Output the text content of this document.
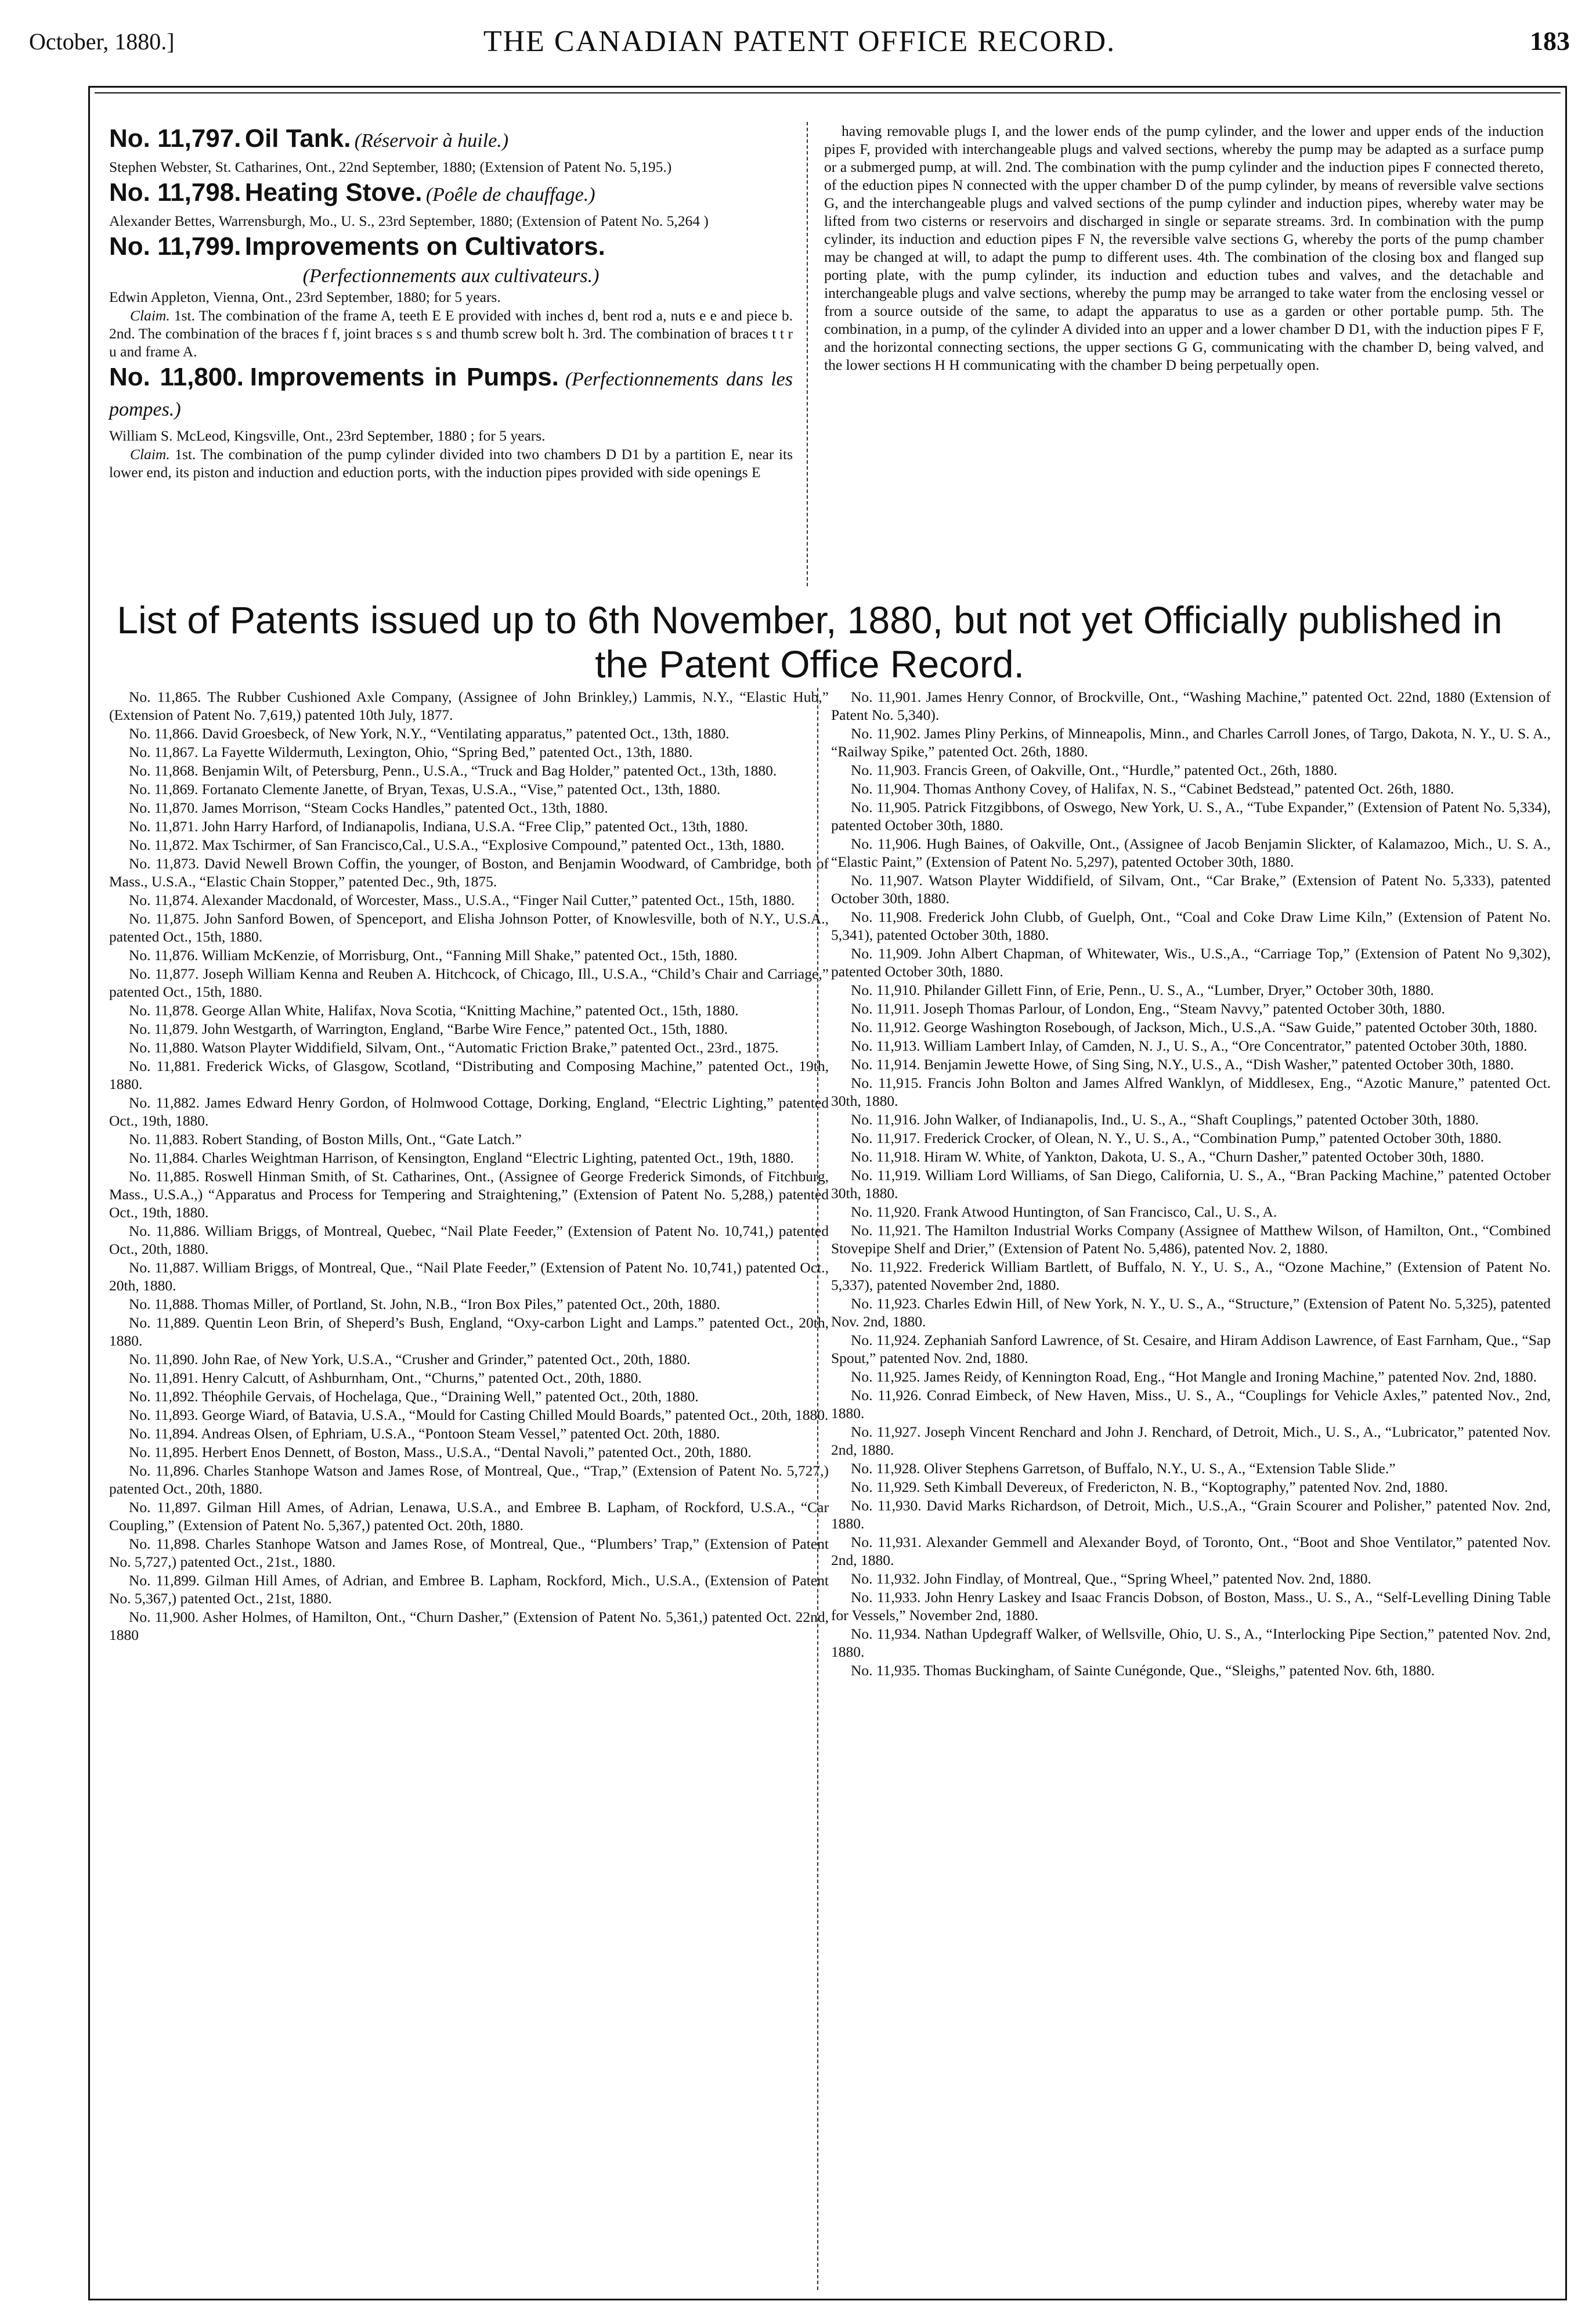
October, 1880.]	THE CANADIAN PATENT OFFICE RECORD.	183
No. 11,797. Oil Tank. (Réservoir à huile.)

Stephen Webster, St. Catharines, Ont., 22nd September, 1880; (Extension of Patent No. 5,195.)

No. 11,798. Heating Stove. (Poêle de chauffage.)

Alexander Bettes, Warrensburgh, Mo., U. S., 23rd September, 1880; (Extension of Patent No. 5,264 )

No. 11,799. Improvements on Cultivators.
(Perfectionnements aux cultivateurs.)

Edwin Appleton, Vienna, Ont., 23rd September, 1880; for 5 years.

Claim. 1st. The combination of the frame A, teeth E E provided with inches d, bent rod a, nuts e e and piece b. 2nd. The combination of the braces f f, joint braces s s and thumb screw bolt h. 3rd. The combination of braces t t r u and frame A.

No. 11,800. Improvements in Pumps. (Perfectionnements dans les pompes.)

William S. McLeod, Kingsville, Ont., 23rd September, 1880 ; for 5 years.

Claim. 1st. The combination of the pump cylinder divided into two chambers D D1 by a partition E, near its lower end, its piston and induction and eduction ports, with the induction pipes provided with side openings E

having removable plugs I, and the lower ends of the pump cylinder, and the lower and upper ends of the induction pipes F, provided with interchangeable plugs and valved sections, whereby the pump may be adapted as a surface pump or a submerged pump, at will. 2nd. The combination with the pump cylinder and the induction pipes F connected thereto, of the eduction pipes N connected with the upper chamber D of the pump cylinder, by means of reversible valve sections G, and the interchangeable plugs and valved sections of the pump cylinder and induction pipes, whereby water may be lifted from two cisterns or reservoirs and discharged in single or separate streams. 3rd. In combination with the pump cylinder, its induction and eduction pipes F N, the reversible valve sections G, whereby the ports of the pump chamber may be changed at will, to adapt the pump to different uses. 4th. The combination of the closing box and flanged sup porting plate, with the pump cylinder, its induction and eduction tubes and valves, and the detachable and interchangeable plugs and valve sections, whereby the pump may be arranged to take water from the enclosing vessel or from a source outside of the same, to adapt the apparatus to use as a garden or other portable pump. 5th. The combination, in a pump, of the cylinder A divided into an upper and a lower chamber D D1, with the induction pipes F F, and the horizontal connecting sections, the upper sections G G, communicating with the chamber D, being valved, and the lower sections H H communicating with the chamber D being perpetually open.
List of Patents issued up to 6th November, 1880, but not yet Officially published in the Patent Office Record.

No. 11,865. The Rubber Cushioned Axle Company, (Assignee of John Brinkley,) Lammis, N.Y., “Elastic Hub,” (Extension of Patent No. 7,619,) patented 10th July, 1877.

No. 11,866. David Groesbeck, of New York, N.Y., “Ventilating apparatus,” patented Oct., 13th, 1880.

No. 11,867. La Fayette Wildermuth, Lexington, Ohio, “Spring Bed,” patented Oct., 13th, 1880.

No. 11,868. Benjamin Wilt, of Petersburg, Penn., U.S.A., “Truck and Bag Holder,” patented Oct., 13th, 1880.

No. 11,869. Fortanato Clemente Janette, of Bryan, Texas, U.S.A., “Vise,” patented Oct., 13th, 1880.

No. 11,870. James Morrison, “Steam Cocks Handles,” patented Oct., 13th, 1880.

No. 11,871. John Harry Harford, of Indianapolis, Indiana, U.S.A. “Free Clip,” patented Oct., 13th, 1880.

No. 11,872. Max Tschirmer, of San Francisco,Cal., U.S.A., “Explosive Compound,” patented Oct., 13th, 1880.

No. 11,873. David Newell Brown Coffin, the younger, of Boston, and Benjamin Woodward, of Cambridge, both of Mass., U.S.A., “Elastic Chain Stopper,” patented Dec., 9th, 1875.

No. 11,874. Alexander Macdonald, of Worcester, Mass., U.S.A., “Finger Nail Cutter,” patented Oct., 15th, 1880.

No. 11,875. John Sanford Bowen, of Spenceport, and Elisha Johnson Potter, of Knowlesville, both of N.Y., U.S.A., patented Oct., 15th, 1880.

No. 11,876. William McKenzie, of Morrisburg, Ont., “Fanning Mill Shake,” patented Oct., 15th, 1880.

No. 11,877. Joseph William Kenna and Reuben A. Hitchcock, of Chicago, Ill., U.S.A., “Child’s Chair and Carriage,” patented Oct., 15th, 1880.

No. 11,878. George Allan White, Halifax, Nova Scotia, “Knitting Machine,” patented Oct., 15th, 1880.

No. 11,879. John Westgarth, of Warrington, England, “Barbe Wire Fence,” patented Oct., 15th, 1880.

No. 11,880. Watson Playter Widdifield, Silvam, Ont., “Automatic Friction Brake,” patented Oct., 23rd., 1875.

No. 11,881. Frederick Wicks, of Glasgow, Scotland, “Distributing and Composing Machine,” patented Oct., 19th, 1880.

No. 11,882. James Edward Henry Gordon, of Holmwood Cottage, Dorking, England, “Electric Lighting,” patented Oct., 19th, 1880.

No. 11,883. Robert Standing, of Boston Mills, Ont., “Gate Latch.”

No. 11,884. Charles Weightman Harrison, of Kensington, England “Electric Lighting, patented Oct., 19th, 1880.

No. 11,885. Roswell Hinman Smith, of St. Catharines, Ont., (Assignee of George Frederick Simonds, of Fitchburg, Mass., U.S.A.,) “Apparatus and Process for Tempering and Straightening,” (Extension of Patent No. 5,288,) patented Oct., 19th, 1880.

No. 11,886. William Briggs, of Montreal, Quebec, “Nail Plate Feeder,” (Extension of Patent No. 10,741,) patented Oct., 20th, 1880.

No. 11,887. William Briggs, of Montreal, Que., “Nail Plate Feeder,” (Extension of Patent No. 10,741,) patented Oct., 20th, 1880.

No. 11,888. Thomas Miller, of Portland, St. John, N.B., “Iron Box Piles,” patented Oct., 20th, 1880.

No. 11,889. Quentin Leon Brin, of Sheperd’s Bush, England, “Oxy-carbon Light and Lamps.” patented Oct., 20th, 1880.

No. 11,890. John Rae, of New York, U.S.A., “Crusher and Grinder,” patented Oct., 20th, 1880.

No. 11,891. Henry Calcutt, of Ashburnham, Ont., “Churns,” patented Oct., 20th, 1880.

No. 11,892. Théophile Gervais, of Hochelaga, Que., “Draining Well,” patented Oct., 20th, 1880.

No. 11,893. George Wiard, of Batavia, U.S.A., “Mould for Casting Chilled Mould Boards,” patented Oct., 20th, 1880.

No. 11,894. Andreas Olsen, of Ephriam, U.S.A., “Pontoon Steam Vessel,” patented Oct. 20th, 1880.

No. 11,895. Herbert Enos Dennett, of Boston, Mass., U.S.A., “Dental Navoli,” patented Oct., 20th, 1880.

No. 11,896. Charles Stanhope Watson and James Rose, of Montreal, Que., “Trap,” (Extension of Patent No. 5,727,) patented Oct., 20th, 1880.

No. 11,897. Gilman Hill Ames, of Adrian, Lenawa, U.S.A., and Embree B. Lapham, of Rockford, U.S.A., “Car Coupling,” (Extension of Patent No. 5,367,) patented Oct. 20th, 1880.

No. 11,898. Charles Stanhope Watson and James Rose, of Montreal, Que., “Plumbers’ Trap,” (Extension of Patent No. 5,727,) patented Oct., 21st., 1880.

No. 11,899. Gilman Hill Ames, of Adrian, and Embree B. Lapham, Rockford, Mich., U.S.A., (Extension of Patent No. 5,367,) patented Oct., 21st, 1880.

No. 11,900. Asher Holmes, of Hamilton, Ont., “Churn Dasher,” (Extension of Patent No. 5,361,) patented Oct. 22nd, 1880

No. 11,901. James Henry Connor, of Brockville, Ont., “Washing Machine,” patented Oct. 22nd, 1880 (Extension of Patent No. 5,340).

No. 11,902. James Pliny Perkins, of Minneapolis, Minn., and Charles Carroll Jones, of Targo, Dakota, N. Y., U. S. A., “Railway Spike,” patented Oct. 26th, 1880.

No. 11,903. Francis Green, of Oakville, Ont., “Hurdle,” patented Oct., 26th, 1880.

No. 11,904. Thomas Anthony Covey, of Halifax, N. S., “Cabinet Bedstead,” patented Oct. 26th, 1880.

No. 11,905. Patrick Fitzgibbons, of Oswego, New York, U. S., A., “Tube Expander,” (Extension of Patent No. 5,334), patented October 30th, 1880.

No. 11,906. Hugh Baines, of Oakville, Ont., (Assignee of Jacob Benjamin Slickter, of Kalamazoo, Mich., U. S. A., “Elastic Paint,” (Extension of Patent No. 5,297), patented October 30th, 1880.

No. 11,907. Watson Playter Widdifield, of Silvam, Ont., “Car Brake,” (Extension of Patent No. 5,333), patented October 30th, 1880.

No. 11,908. Frederick John Clubb, of Guelph, Ont., “Coal and Coke Draw Lime Kiln,” (Extension of Patent No. 5,341), patented October 30th, 1880.

No. 11,909. John Albert Chapman, of Whitewater, Wis., U.S.,A., “Carriage Top,” (Extension of Patent No 9,302), patented October 30th, 1880.

No. 11,910. Philander Gillett Finn, of Erie, Penn., U. S., A., “Lumber, Dryer,” October 30th, 1880.

No. 11,911. Joseph Thomas Parlour, of London, Eng., “Steam Navvy,” patented October 30th, 1880.

No. 11,912. George Washington Rosebough, of Jackson, Mich., U.S.,A. “Saw Guide,” patented October 30th, 1880.

No. 11,913. William Lambert Inlay, of Camden, N. J., U. S., A., “Ore Concentrator,” patented October 30th, 1880.

No. 11,914. Benjamin Jewette Howe, of Sing Sing, N.Y., U.S., A., “Dish Washer,” patented October 30th, 1880.

No. 11,915. Francis John Bolton and James Alfred Wanklyn, of Middlesex, Eng., “Azotic Manure,” patented Oct. 30th, 1880.

No. 11,916. John Walker, of Indianapolis, Ind., U. S., A., “Shaft Couplings,” patented October 30th, 1880.

No. 11,917. Frederick Crocker, of Olean, N. Y., U. S., A., “Combination Pump,” patented October 30th, 1880.

No. 11,918. Hiram W. White, of Yankton, Dakota, U. S., A., “Churn Dasher,” patented October 30th, 1880.

No. 11,919. William Lord Williams, of San Diego, California, U. S., A., “Bran Packing Machine,” patented October 30th, 1880.

No. 11,920. Frank Atwood Huntington, of San Francisco, Cal., U. S., A.

No. 11,921. The Hamilton Industrial Works Company (Assignee of Matthew Wilson, of Hamilton, Ont., “Combined Stovepipe Shelf and Drier,” (Extension of Patent No. 5,486), patented Nov. 2, 1880.

No. 11,922. Frederick William Bartlett, of Buffalo, N. Y., U. S., A., “Ozone Machine,” (Extension of Patent No. 5,337), patented November 2nd, 1880.

No. 11,923. Charles Edwin Hill, of New York, N. Y., U. S., A., “Structure,” (Extension of Patent No. 5,325), patented Nov. 2nd, 1880.

No. 11,924. Zephaniah Sanford Lawrence, of St. Cesaire, and Hiram Addison Lawrence, of East Farnham, Que., “Sap Spout,” patented Nov. 2nd, 1880.

No. 11,925. James Reidy, of Kennington Road, Eng., “Hot Mangle and Ironing Machine,” patented Nov. 2nd, 1880.

No. 11,926. Conrad Eimbeck, of New Haven, Miss., U. S., A., “Couplings for Vehicle Axles,” patented Nov., 2nd, 1880.

No. 11,927. Joseph Vincent Renchard and John J. Renchard, of Detroit, Mich., U. S., A., “Lubricator,” patented Nov. 2nd, 1880.

No. 11,928. Oliver Stephens Garretson, of Buffalo, N.Y., U. S., A., “Extension Table Slide.”

No. 11,929. Seth Kimball Devereux, of Fredericton, N. B., “Koptography,” patented Nov. 2nd, 1880.

No. 11,930. David Marks Richardson, of Detroit, Mich., U.S.,A., “Grain Scourer and Polisher,” patented Nov. 2nd, 1880.

No. 11,931. Alexander Gemmell and Alexander Boyd, of Toronto, Ont., “Boot and Shoe Ventilator,” patented Nov. 2nd, 1880.

No. 11,932. John Findlay, of Montreal, Que., “Spring Wheel,” patented Nov. 2nd, 1880.

No. 11,933. John Henry Laskey and Isaac Francis Dobson, of Boston, Mass., U. S., A., “Self-Levelling Dining Table for Vessels,” November 2nd, 1880.

No. 11,934. Nathan Updegraff Walker, of Wellsville, Ohio, U. S., A., “Interlocking Pipe Section,” patented Nov. 2nd, 1880.

No. 11,935. Thomas Buckingham, of Sainte Cunégonde, Que., “Sleighs,” patented Nov. 6th, 1880.
